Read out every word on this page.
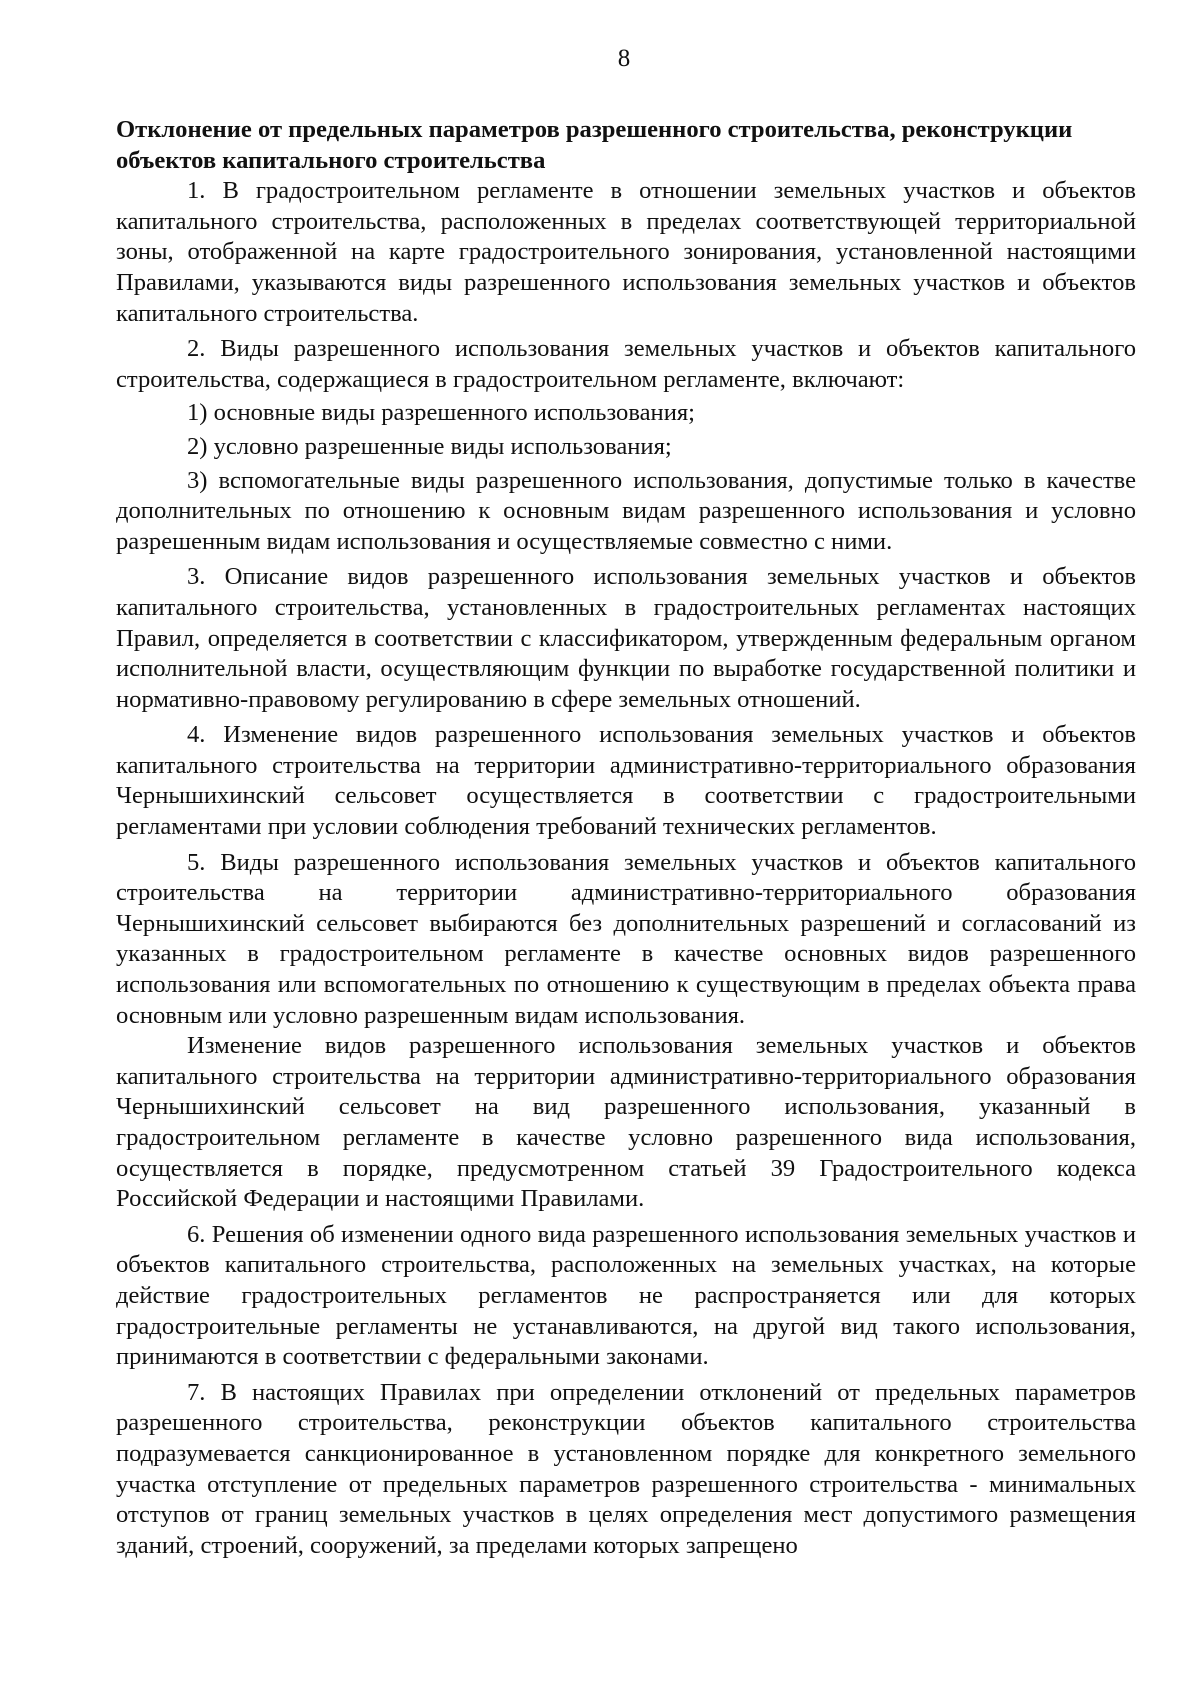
8

Отклонение от предельных параметров разрешенного строительства, реконструкции объектов капитального строительства

1. В градостроительном регламенте в отношении земельных участков и объектов капитального строительства, расположенных в пределах соответствующей территориальной зоны, отображенной на карте градостроительного зонирования, установленной настоящими Правилами, указываются виды разрешенного использования земельных участков и объектов капитального строительства.

2. Виды разрешенного использования земельных участков и объектов капитального строительства, содержащиеся в градостроительном регламенте, включают:

1) основные виды разрешенного использования;

2) условно разрешенные виды использования;

3) вспомогательные виды разрешенного использования, допустимые только в качестве дополнительных по отношению к основным видам разрешенного использования и условно разрешенным видам использования и осуществляемые совместно с ними.

3. Описание видов разрешенного использования земельных участков и объектов капитального строительства, установленных в градостроительных регламентах настоящих Правил, определяется в соответствии с классификатором, утвержденным федеральным органом исполнительной власти, осуществляющим функции по выработке государственной политики и нормативно-правовому регулированию в сфере земельных отношений.

4. Изменение видов разрешенного использования земельных участков и объектов капитального строительства на территории административно-территориального образования Чернышихинский сельсовет осуществляется в соответствии с градостроительными регламентами при условии соблюдения требований технических регламентов.

5. Виды разрешенного использования земельных участков и объектов капитального строительства на территории административно-территориального образования Чернышихинский сельсовет выбираются без дополнительных разрешений и согласований из указанных в градостроительном регламенте в качестве основных видов разрешенного использования или вспомогательных по отношению к существующим в пределах объекта права основным или условно разрешенным видам использования.

Изменение видов разрешенного использования земельных участков и объектов капитального строительства на территории административно-территориального образования Чернышихинский сельсовет на вид разрешенного использования, указанный в градостроительном регламенте в качестве условно разрешенного вида использования, осуществляется в порядке, предусмотренном статьей 39 Градостроительного кодекса Российской Федерации и настоящими Правилами.

6. Решения об изменении одного вида разрешенного использования земельных участков и объектов капитального строительства, расположенных на земельных участках, на которые действие градостроительных регламентов не распространяется или для которых градостроительные регламенты не устанавливаются, на другой вид такого использования, принимаются в соответствии с федеральными законами.

7. В настоящих Правилах при определении отклонений от предельных параметров разрешенного строительства, реконструкции объектов капитального строительства подразумевается санкционированное в установленном порядке для конкретного земельного участка отступление от предельных параметров разрешенного строительства - минимальных отступов от границ земельных участков в целях определения мест допустимого размещения зданий, строений, сооружений, за пределами которых запрещено
